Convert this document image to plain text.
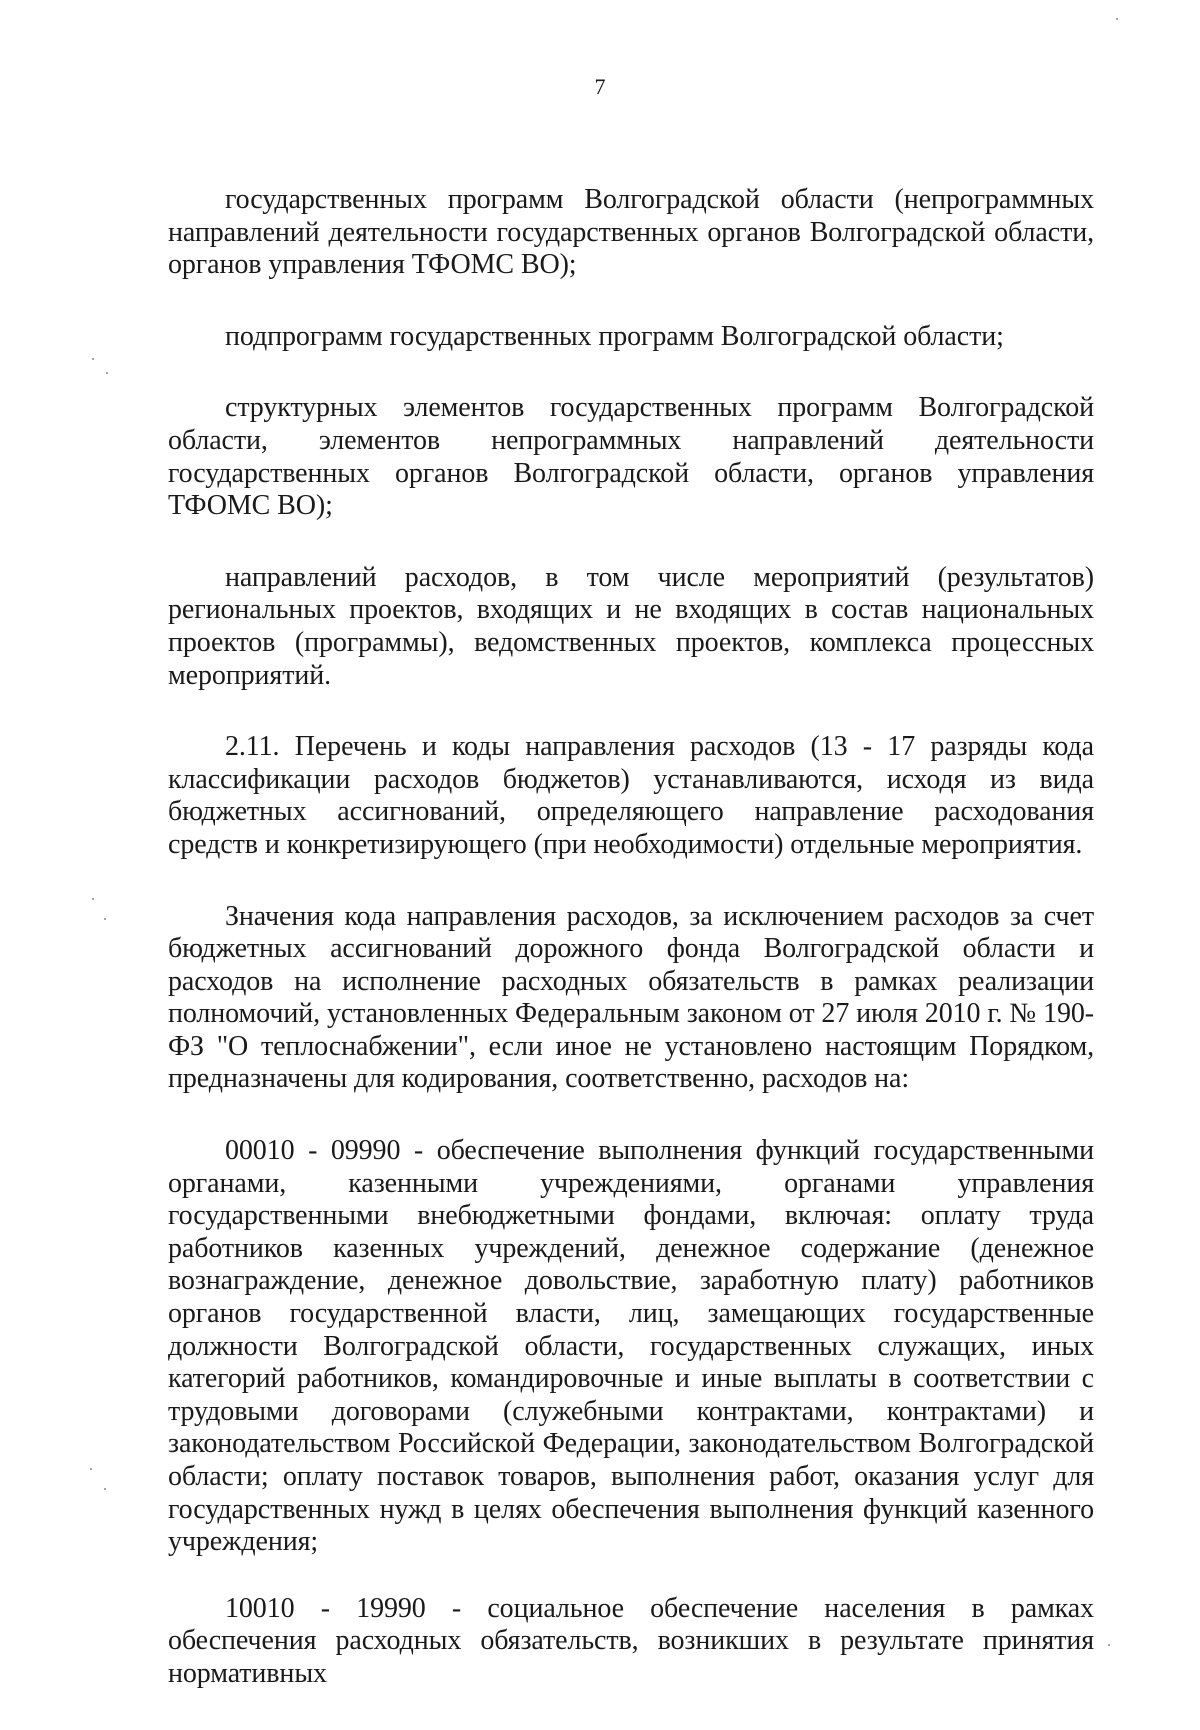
7

государственных программ Волгоградской области (непрограммных направлений деятельности государственных органов Волгоградской области, органов управления ТФОМС ВО);

подпрограмм государственных программ Волгоградской области;

структурных элементов государственных программ Волгоградской области, элементов непрограммных направлений деятельности государственных органов Волгоградской области, органов управления ТФОМС ВО);

направлений расходов, в том числе мероприятий (результатов) региональных проектов, входящих и не входящих в состав национальных проектов (программы), ведомственных проектов, комплекса процессных мероприятий.

2.11. Перечень и коды направления расходов (13 - 17 разряды кода классификации расходов бюджетов) устанавливаются, исходя из вида бюджетных ассигнований, определяющего направление расходования средств и конкретизирующего (при необходимости) отдельные мероприятия.

Значения кода направления расходов, за исключением расходов за счет бюджетных ассигнований дорожного фонда Волгоградской области и расходов на исполнение расходных обязательств в рамках реализации полномочий, установленных Федеральным законом от 27 июля 2010 г. № 190-ФЗ "О теплоснабжении", если иное не установлено настоящим Порядком, предназначены для кодирования, соответственно, расходов на:

00010 - 09990 - обеспечение выполнения функций государственными органами, казенными учреждениями, органами управления государственными внебюджетными фондами, включая: оплату труда работников казенных учреждений, денежное содержание (денежное вознаграждение, денежное довольствие, заработную плату) работников органов государственной власти, лиц, замещающих государственные должности Волгоградской области, государственных служащих, иных категорий работников, командировочные и иные выплаты в соответствии с трудовыми договорами (служебными контрактами, контрактами) и законодательством Российской Федерации, законодательством Волгоградской области; оплату поставок товаров, выполнения работ, оказания услуг для государственных нужд в целях обеспечения выполнения функций казенного учреждения;

10010 - 19990 - социальное обеспечение населения в рамках обеспечения расходных обязательств, возникших в результате принятия нормативных
